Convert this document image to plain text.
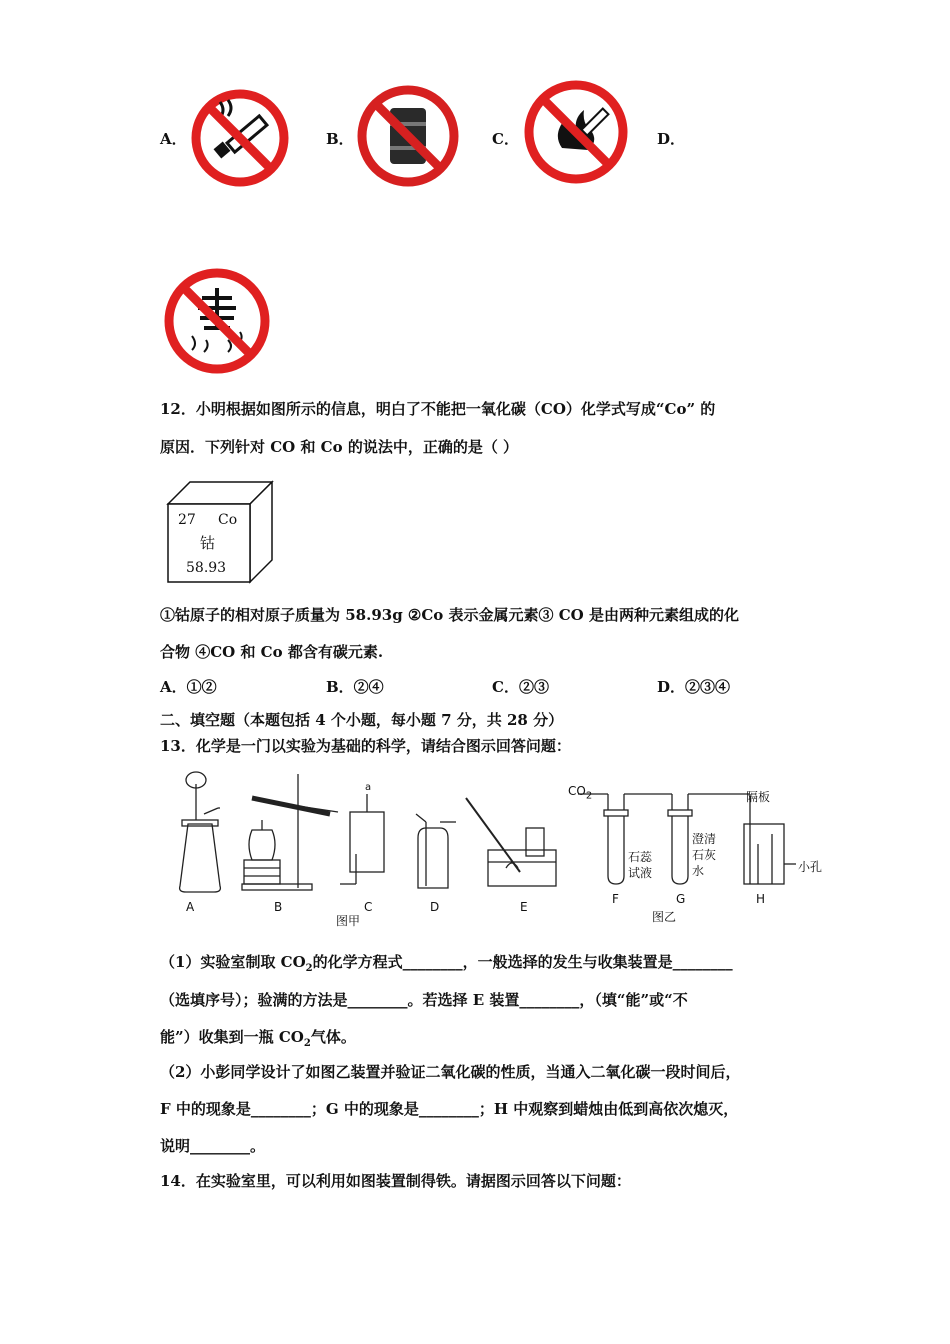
A．	B．	C．	D．
12．小明根据如图所示的信息，明白了不能把一氧化碳（CO）化学式写成“Co” 的
原因．下列针对 CO 和 Co 的说法中，正确的是（ ）
27 Co
钴
58.93
①钴原子的相对原子质量为 58.93g ②Co 表示金属元素③ CO 是由两种元素组成的化
合物 ④CO 和 Co 都含有碳元素.
A．①②	B．②④	C．②③	D．②③④
二、填空题（本题包括 4 个小题，每小题 7 分，共 28 分）
13．化学是一门以实验为基础的科学，请结合图示回答问题：
A	B	C	D	E
F	G	H
图甲	图乙
a	$CO_2$
石蕊
试液
澄清
石灰
水
隔板
小孔
（1）实验室制取 $CO_2$的化学方程式________，一般选择的发生与收集装置是________
（选填序号）；验满的方法是________。若选择 E 装置________，（填“能”或“不
能”）收集到一瓶 $CO_2$气体。
（2）小彭同学设计了如图乙装置并验证二氧化碳的性质，当通入二氧化碳一段时间后，
F 中的现象是________；G 中的现象是________；H 中观察到蜡烛由低到高依次熄灭，
说明________。
14．在实验室里，可以利用如图装置制得铁。请据图示回答以下问题：
